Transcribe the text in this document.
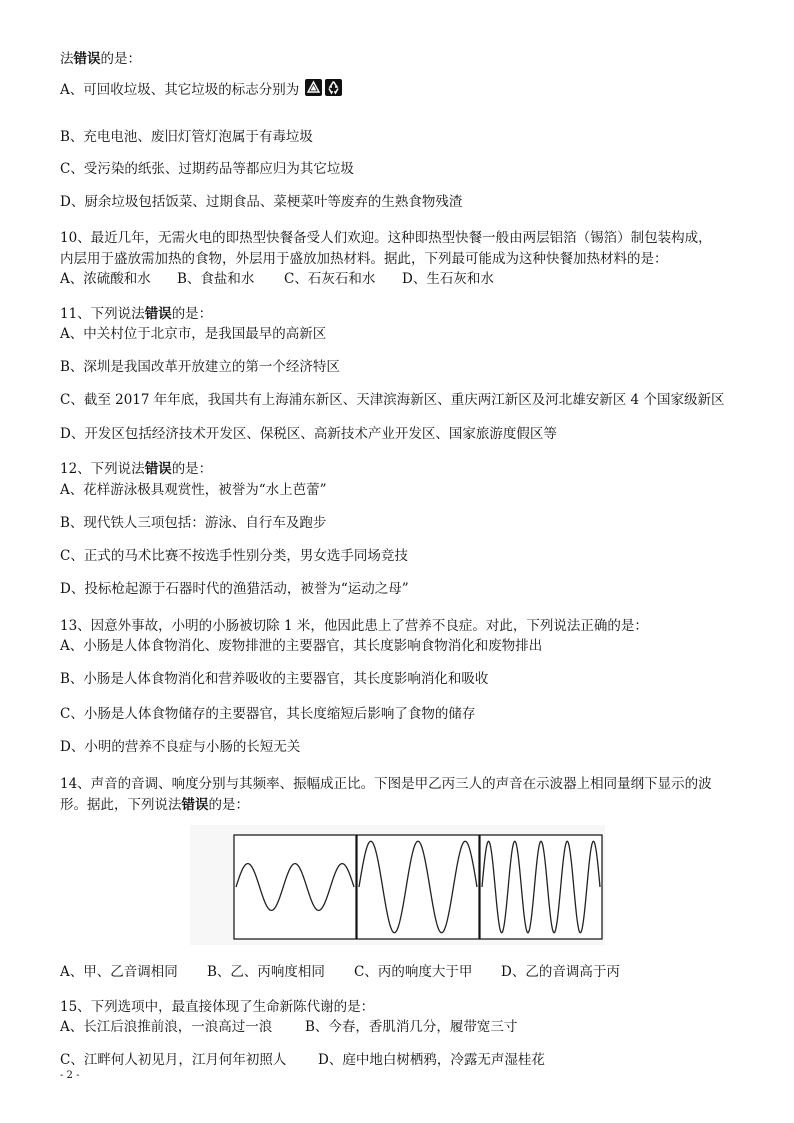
法错误的是：
A、可回收垃圾、其它垃圾的标志分别为
B、充电电池、废旧灯管灯泡属于有毒垃圾
C、受污染的纸张、过期药品等都应归为其它垃圾
D、厨余垃圾包括饭菜、过期食品、菜梗菜叶等废弃的生熟食物残渣
10、最近几年，无需火电的即热型快餐备受人们欢迎。这种即热型快餐一般由两层铝箔（锡箔）制包装构成，
内层用于盛放需加热的食物，外层用于盛放加热材料。据此，下列最可能成为这种快餐加热材料的是：
A、浓硫酸和水 B、食盐和水 C、石灰石和水 D、生石灰和水
11、下列说法错误的是：
A、中关村位于北京市，是我国最早的高新区
B、深圳是我国改革开放建立的第一个经济特区
C、截至 2017 年年底，我国共有上海浦东新区、天津滨海新区、重庆两江新区及河北雄安新区 4 个国家级新区
D、开发区包括经济技术开发区、保税区、高新技术产业开发区、国家旅游度假区等
12、下列说法错误的是：
A、花样游泳极具观赏性，被誉为“水上芭蕾”
B、现代铁人三项包括：游泳、自行车及跑步
C、正式的马术比赛不按选手性别分类，男女选手同场竞技
D、投标枪起源于石器时代的渔猎活动，被誉为“运动之母”
13、因意外事故，小明的小肠被切除 1 米，他因此患上了营养不良症。对此，下列说法正确的是：
A、小肠是人体食物消化、废物排泄的主要器官，其长度影响食物消化和废物排出
B、小肠是人体食物消化和营养吸收的主要器官，其长度影响消化和吸收
C、小肠是人体食物储存的主要器官，其长度缩短后影响了食物的储存
D、小明的营养不良症与小肠的长短无关
14、声音的音调、响度分别与其频率、振幅成正比。下图是甲乙丙三人的声音在示波器上相同量纲下显示的波
形。据此，下列说法错误的是：
A、甲、乙音调相同 B、乙、丙响度相同 C、丙的响度大于甲 D、乙的音调高于丙
15、下列选项中，最直接体现了生命新陈代谢的是：
A、长江后浪推前浪，一浪高过一浪 B、今春，香肌消几分，履带宽三寸
C、江畔何人初见月，江月何年初照人 D、庭中地白树栖鸦，冷露无声湿桂花
- 2 -
